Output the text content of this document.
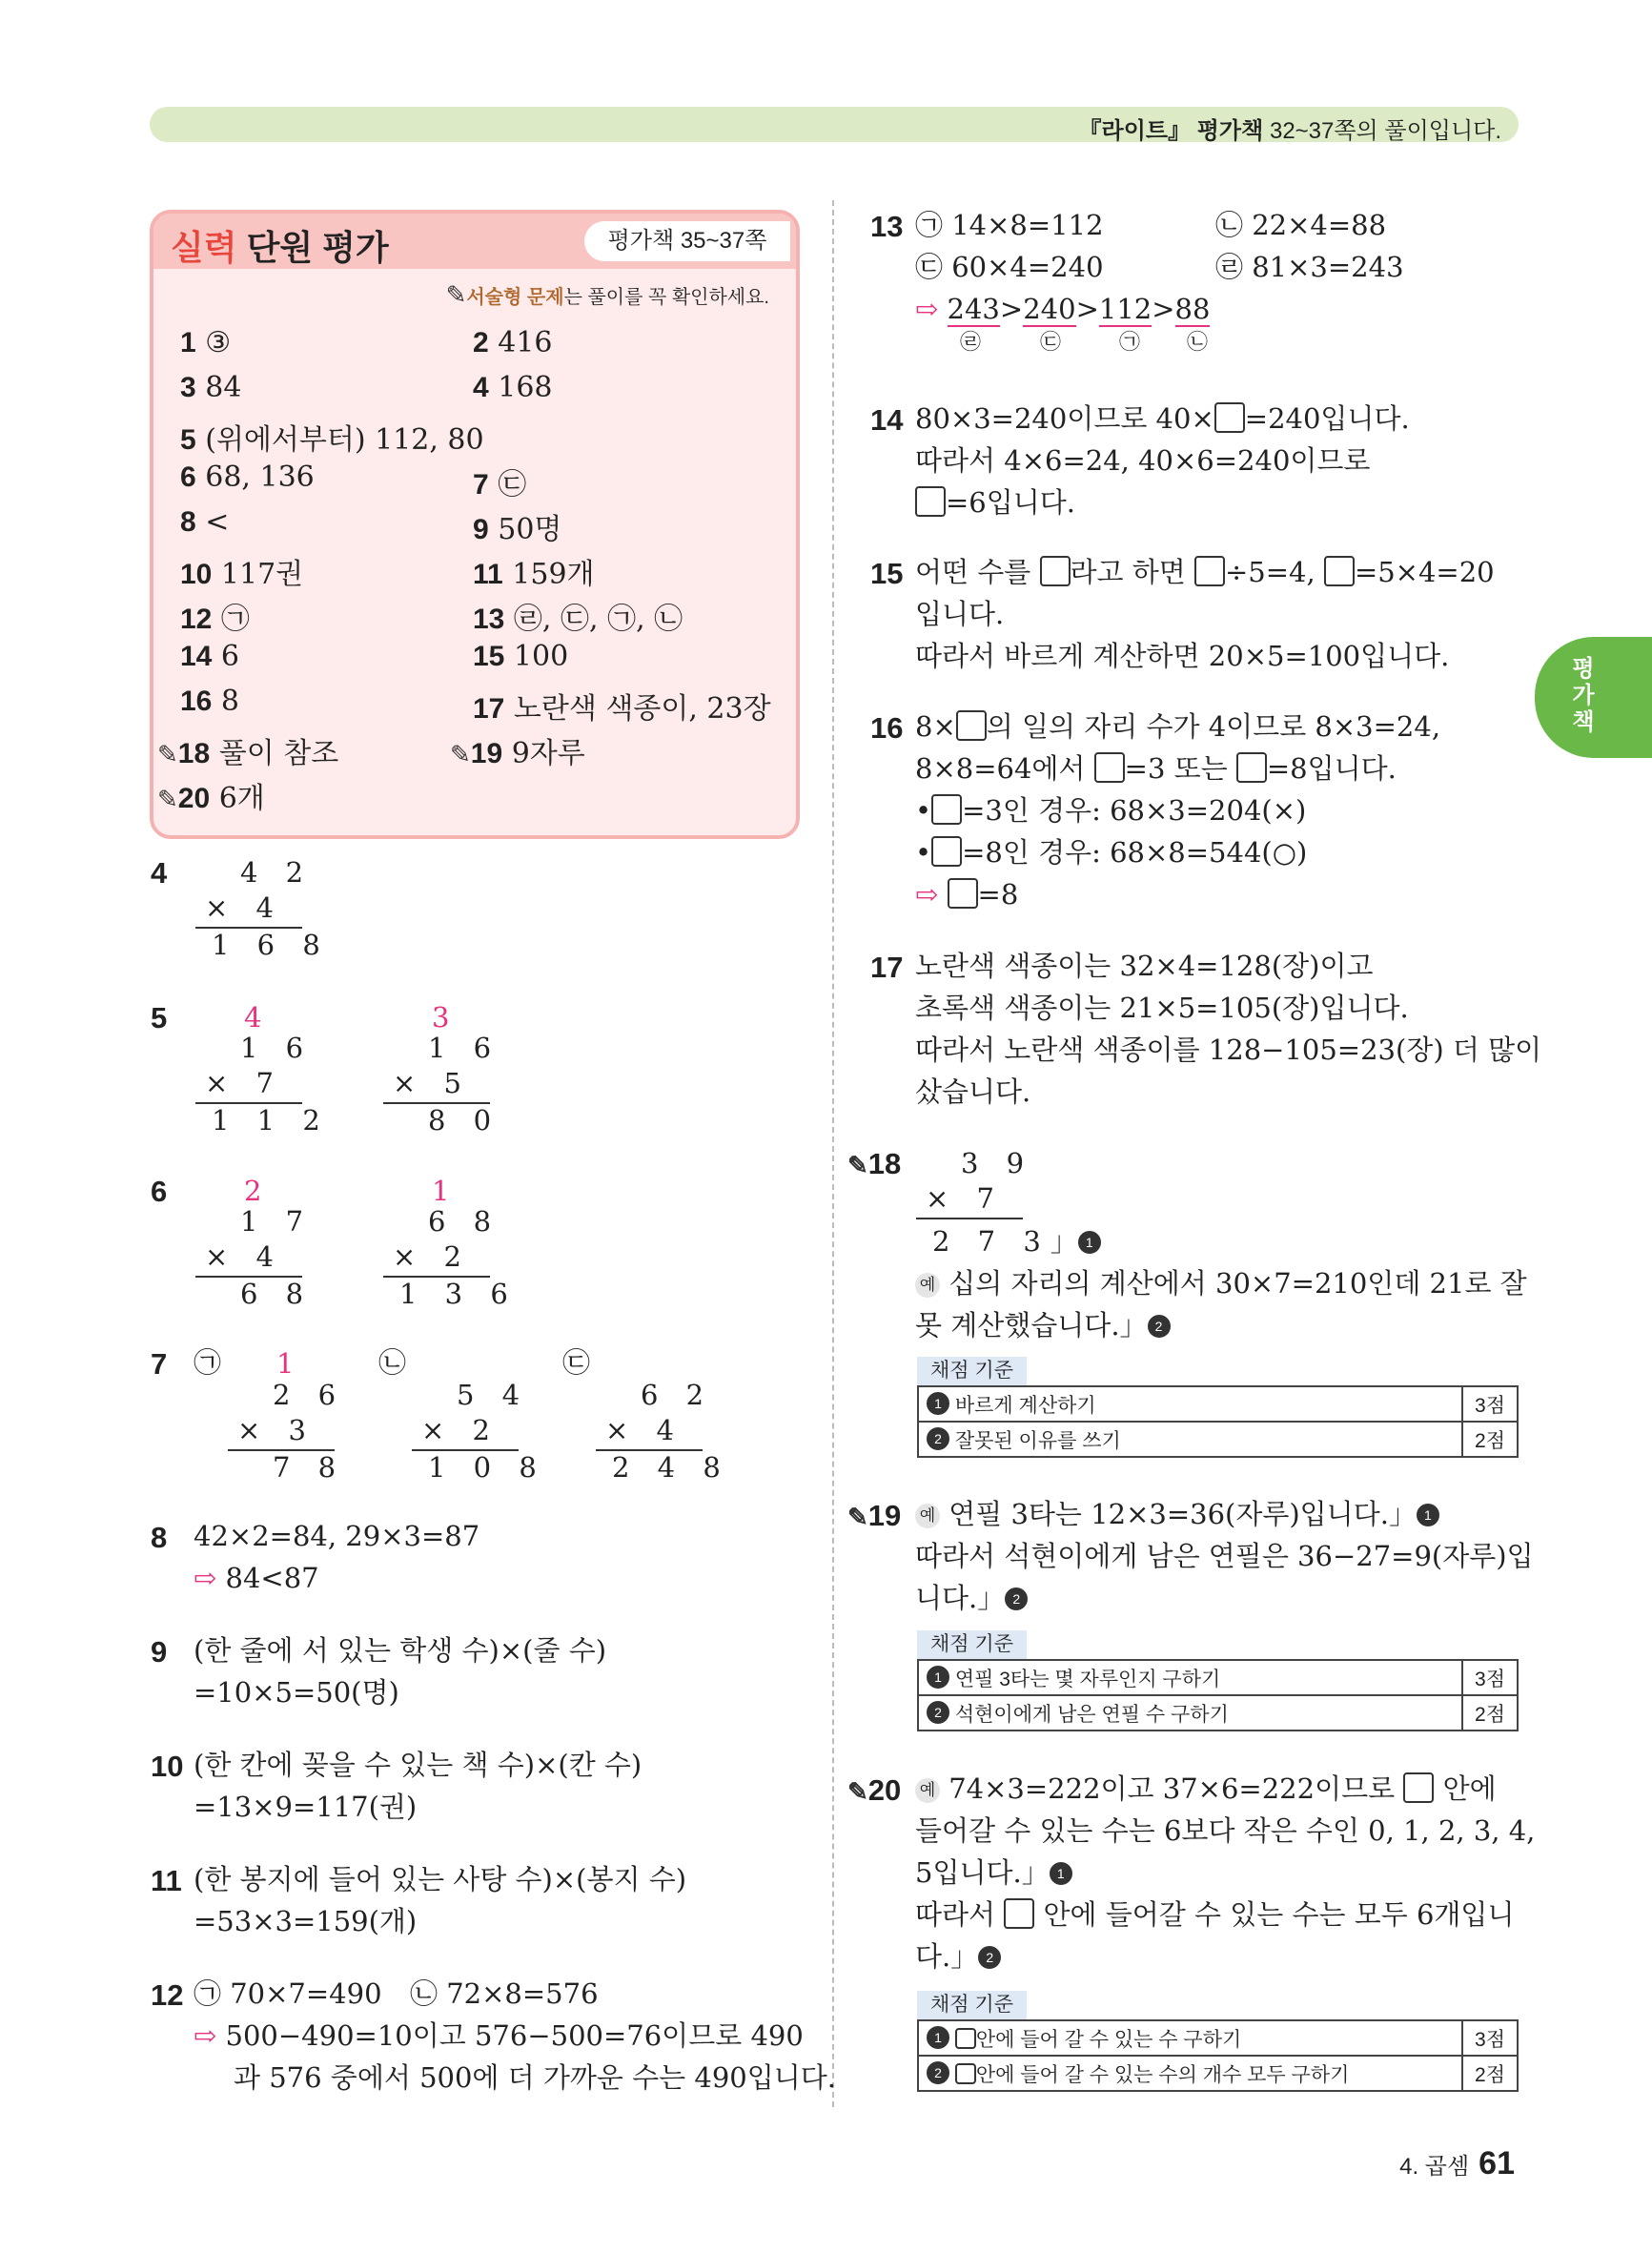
『라이트』 평가책 32~37쪽의 풀이입니다.
평가책
실력 단원 평가	평가책 35~37쪽
✎서술형 문제는 풀이를 꼭 확인하세요.
1 ③	2 416
3 84	4 168
5 (위에서부터) 112, 80
6 68, 136	7 ㉢
8 <	9 50명
10 117권	11 159개
12 ㉠	13 ㉣, ㉢, ㉠, ㉡
14 6	15 100
16 8	17 노란색 색종이, 23장
✎18 풀이 참조	✎19 9자루
✎20 6개
4	4 2
× 4
1 6 8
5	4
1 6
× 7
1 1 2
3
1 6
× 5
8 0
6	2
1 7
× 4
6 8
1
6 8
× 2
1 3 6
7 ㉠ 1
2 6
× 3
7 8
㉡
5 4
× 2
1 0 8
㉢
6 2
× 4
2 4 8
8 42×2=84, 29×3=87
⇨ 84<87
9 (한 줄에 서 있는 학생 수)×(줄 수)
=10×5=50(명)
10 (한 칸에 꽂을 수 있는 책 수)×(칸 수)
=13×9=117(권)
11 (한 봉지에 들어 있는 사탕 수)×(봉지 수)
=53×3=159(개)
12 ㉠ 70×7=490 ㉡ 72×8=576
⇨ 500−490=10이고 576−500=76이므로 490
과 576 중에서 500에 더 가까운 수는 490입니다.
13 ㉠ 14×8=112	㉡ 22×4=88
㉢ 60×4=240	㉣ 81×3=243
⇨ 243>240>112>88
㉣	㉢	㉠ ㉡
14 80×3=240이므로 40× =240입니다.
따라서 4×6=24, 40×6=240이므로
=6입니다.
15 어떤 수를 라고 하면 ÷5=4, =5×4=20
입니다.
따라서 바르게 계산하면 20×5=100입니다.
16 8× 의 일의 자리 수가 4이므로 8×3=24,
8×8=64에서 =3 또는 =8입니다.
• =3인 경우: 68×3=204(×)
• =8인 경우: 68×8=544(○)
⇨ =8
17 노란색 색종이는 32×4=128(장)이고
초록색 색종이는 21×5=105(장)입니다.
따라서 노란색 색종이를 128−105=23(장) 더 많이
샀습니다.
✎18 3 9
× 7
2 7 3」 1
예 십의 자리의 계산에서 30×7=210인데 21로 잘
못 계산했습니다.」 2
채점 기준
1 바르게 계산하기	3점
2 잘못된 이유를 쓰기	2점
✎19 예 연필 3타는 12×3=36(자루)입니다.」 1
따라서 석현이에게 남은 연필은 36−27=9(자루)입
니다.」 2
채점 기준
1 연필 3타는 몇 자루인지 구하기	3점
2 석현이에게 남은 연필 수 구하기	2점
✎20 예 74×3=222이고 37×6=222이므로 안에
들어갈 수 있는 수는 6보다 작은 수인 0, 1, 2, 3, 4,
5입니다.」 1
따라서 안에 들어갈 수 있는 수는 모두 6개입니
다.」 2
채점 기준
1 안에 들어 갈 수 있는 수 구하기	3점
2 안에 들어 갈 수 있는 수의 개수 모두 구하기	2점
4. 곱셈 61
